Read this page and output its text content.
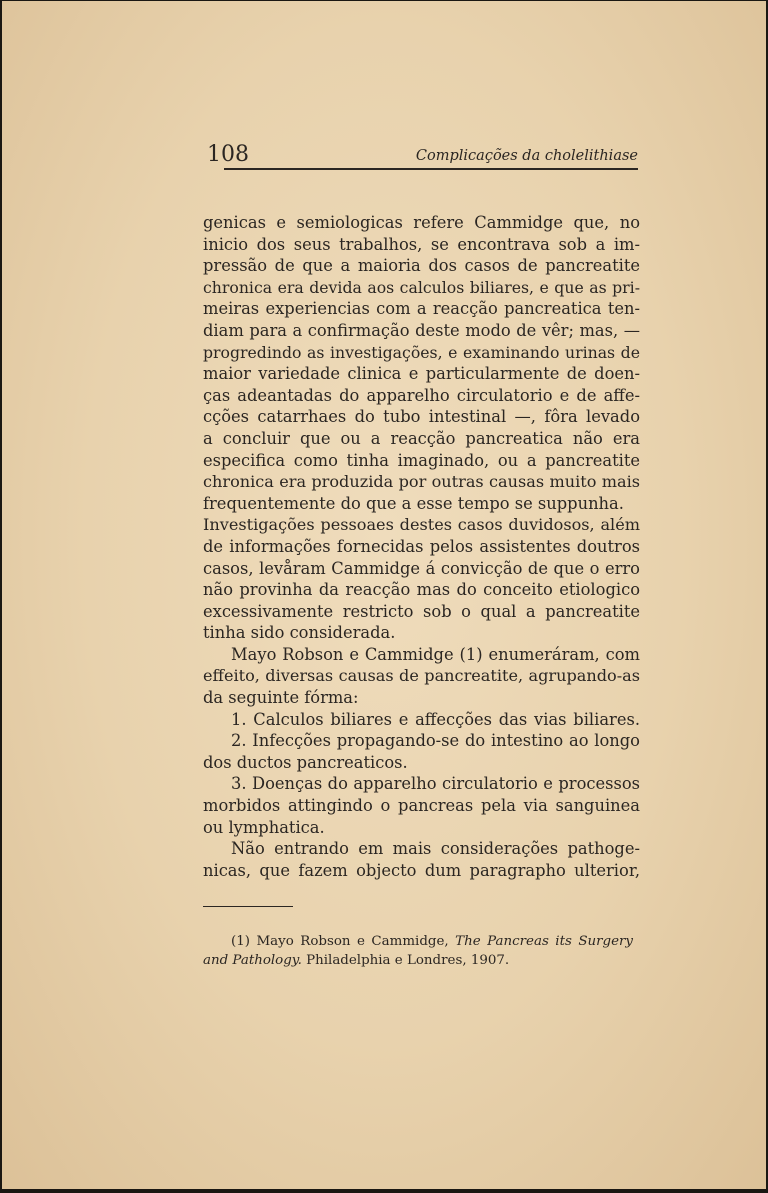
108	Complicações da cholelithiase
genicas e semiologicas refere Cammidge que, no
inicio dos seus trabalhos, se encontrava sob a im-
pressão de que a maioria dos casos de pancreatite
chronica era devida aos calculos biliares, e que as pri-
meiras experiencias com a reacção pancreatica ten-
diam para a confirmação deste modo de vêr; mas, —
progredindo as investigações, e examinando urinas de
maior variedade clinica e particularmente de doen-
ças adeantadas do apparelho circulatorio e de affe-
cções catarrhaes do tubo intestinal —, fôra levado
a concluir que ou a reacção pancreatica não era
especifica como tinha imaginado, ou a pancreatite
chronica era produzida por outras causas muito mais
frequentemente do que a esse tempo se suppunha.
Investigações pessoaes destes casos duvidosos, além
de informações fornecidas pelos assistentes doutros
casos, levåram Cammidge á convicção de que o erro
não provinha da reacção mas do conceito etiologico
excessivamente restricto sob o qual a pancreatite
tinha sido considerada.
Mayo Robson e Cammidge (1) enumeráram, com
effeito, diversas causas de pancreatite, agrupando-as
da seguinte fórma:
1. Calculos biliares e affecções das vias biliares.
2. Infecções propagando-se do intestino ao longo
dos ductos pancreaticos.
3. Doenças do apparelho circulatorio e processos
morbidos attingindo o pancreas pela via sanguinea
ou lymphatica.
Não entrando em mais considerações pathoge-
nicas, que fazem objecto dum paragrapho ulterior,
(1) Mayo Robson e Cammidge, The Pancreas its Surgery
and Pathology. Philadelphia e Londres, 1907.
